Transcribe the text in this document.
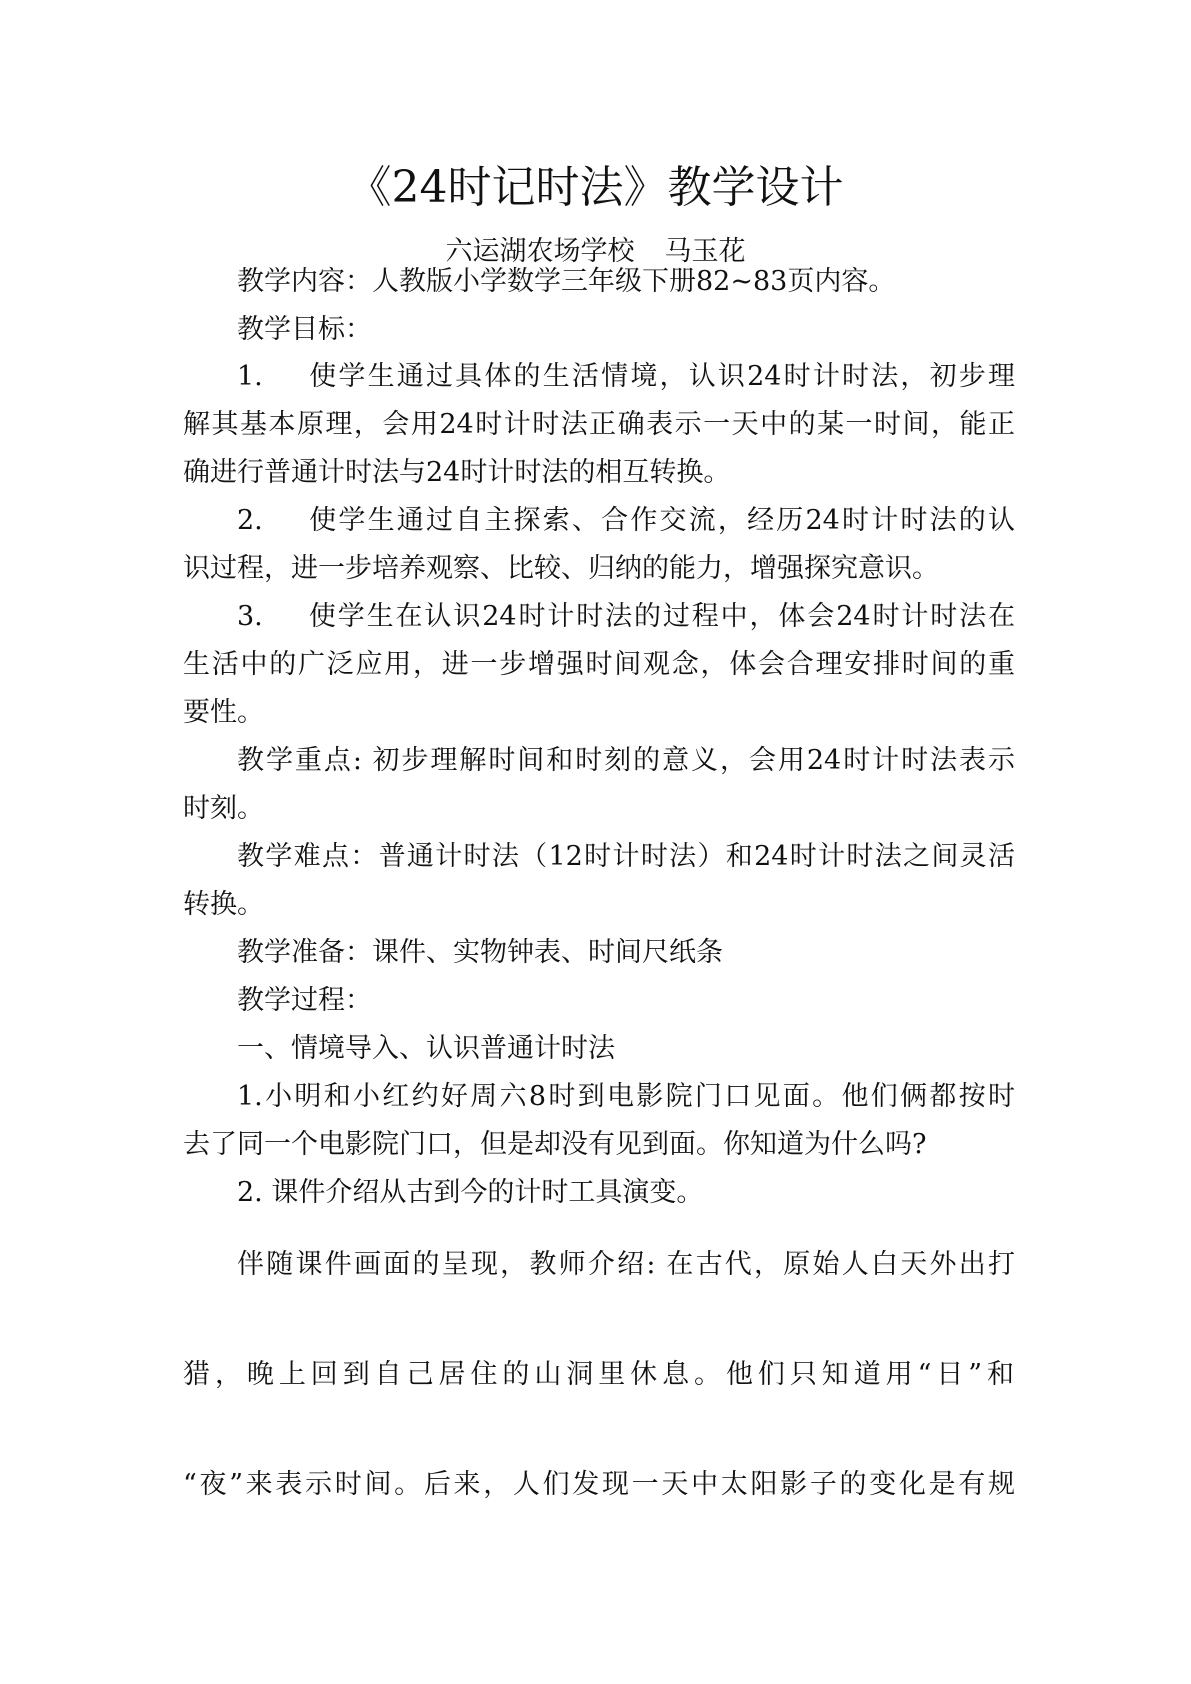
《24时记时法》教学设计
六运湖农场学校 马玉花

教学内容：人教版小学数学三年级下册82~83页内容。

教学目标：

1. 使学生通过具体的生活情境，认识24时计时法，初步理

解其基本原理，会用24时计时法正确表示一天中的某一时间，能正

确进行普通计时法与24时计时法的相互转换。

2. 使学生通过自主探索、合作交流，经历24时计时法的认

识过程，进一步培养观察、比较、归纳的能力，增强探究意识。

3. 使学生在认识24时计时法的过程中，体会24时计时法在

生活中的广泛应用，进一步增强时间观念，体会合理安排时间的重

要性。

教学重点: 初步理解时间和时刻的意义，会用24时计时法表示

时刻。

教学难点：普通计时法（12时计时法）和24时计时法之间灵活

转换。

教学准备：课件、实物钟表、时间尺纸条

教学过程：

一、情境导入、认识普通计时法

1.小明和小红约好周六8时到电影院门口见面。他们俩都按时

去了同一个电影院门口，但是却没有见到面。你知道为什么吗?

2. 课件介绍从古到今的计时工具演变。

伴随课件画面的呈现，教师介绍: 在古代，原始人白天外出打

猎，晚上回到自己居住的山洞里休息。他们只知道用“日”和

“夜”来表示时间。后来，人们发现一天中太阳影子的变化是有规
